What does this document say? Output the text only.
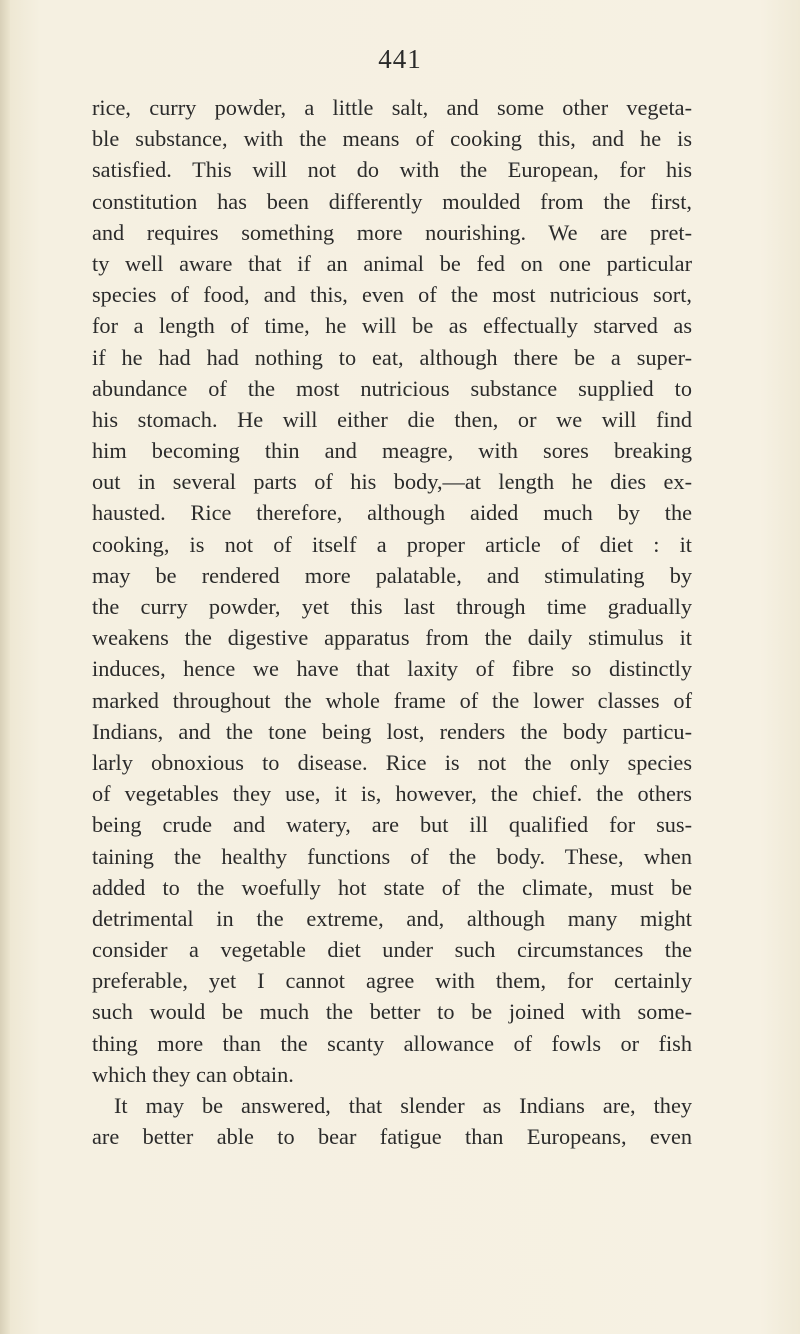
441
rice, curry powder, a little salt, and some other vegeta-
ble substance, with the means of cooking this, and he is
satisfied. This will not do with the European, for his
constitution has been differently moulded from the first,
and requires something more nourishing. We are pret-
ty well aware that if an animal be fed on one particular
species of food, and this, even of the most nutricious sort,
for a length of time, he will be as effectually starved as
if he had had nothing to eat, although there be a super-
abundance of the most nutricious substance supplied to
his stomach. He will either die then, or we will find
him becoming thin and meagre, with sores breaking
out in several parts of his body,—at length he dies ex-
hausted. Rice therefore, although aided much by the
cooking, is not of itself a proper article of diet : it
may be rendered more palatable, and stimulating by
the curry powder, yet this last through time gradually
weakens the digestive apparatus from the daily stimulus it
induces, hence we have that laxity of fibre so distinctly
marked throughout the whole frame of the lower classes of
Indians, and the tone being lost, renders the body particu-
larly obnoxious to disease. Rice is not the only species
of vegetables they use, it is, however, the chief. the others
being crude and watery, are but ill qualified for sus-
taining the healthy functions of the body. These, when
added to the woefully hot state of the climate, must be
detrimental in the extreme, and, although many might
consider a vegetable diet under such circumstances the
preferable, yet I cannot agree with them, for certainly
such would be much the better to be joined with some-
thing more than the scanty allowance of fowls or fish
which they can obtain.
It may be answered, that slender as Indians are, they
are better able to bear fatigue than Europeans, even
